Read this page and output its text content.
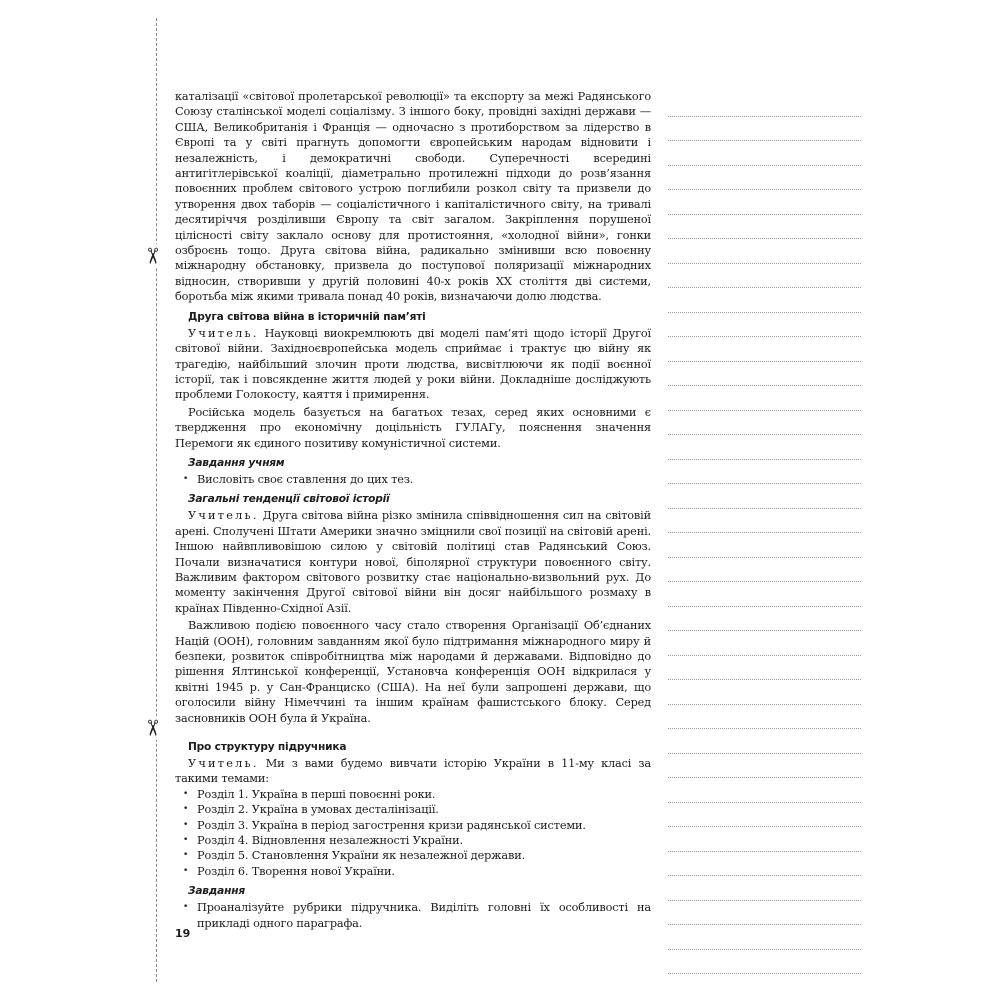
✂
✂

каталізації «світової пролетарської революції» та експорту за межі Радянського Союзу сталінської моделі соціалізму. З іншого боку, провідні західні держави — США, Великобританія і Франція — одночасно з протиборством за лідерство в Європі та у світі прагнуть допомогти європейським народам відновити і незалежність, і демократичні свободи. Суперечності всередині антигітлерівської коаліції, діаметрально протилежні підходи до розв’язання повоєнних проблем світового устрою поглибили розкол світу та призвели до утворення двох таборів — соціалістичного і капіталістичного світу, на тривалі десятиріччя розділивши Європу та світ загалом. Закріплення порушеної цілісності світу заклало основу для протистояння, «холодної війни», гонки озброєнь тощо. Друга світова війна, радикально змінивши всю повоєнну міжнародну обстановку, призвела до поступової поляризації міжнародних відносин, створивши у другій половині 40-х років XX століття дві системи, боротьба між якими тривала понад 40 років, визначаючи долю людства.

Друга світова війна в історичній пам’яті

Учитель. Науковці виокремлюють дві моделі пам’яті щодо історії Другої світової війни. Західноєвропейська модель сприймає і трактує цю війну як трагедію, найбільший злочин проти людства, висвітлюючи як події воєнної історії, так і повсякденне життя людей у роки війни. Докладніше досліджують проблеми Голокосту, каяття і примирення.

Російська модель базується на багатьох тезах, серед яких основними є твердження про економічну доцільність ГУЛАГу, пояснення значення Перемоги як єдиного позитиву комуністичної системи.

Завдання учням
• Висловіть своє ставлення до цих тез.
Загальні тенденції світової історії

Учитель. Друга світова війна різко змінила співвідношення сил на світовій арені. Сполучені Штати Америки значно зміцнили свої позиції на світовій арені. Іншою найвпливовішою силою у світовій політиці став Радянський Союз. Почали визначатися контури нової, біполярної структури повоєнного світу. Важливим фактором світового розвитку стає національно-визвольний рух. До моменту закінчення Другої світової війни він досяг найбільшого розмаху в країнах Південно-Східної Азії.

Важливою подією повоєнного часу стало створення Організації Об’єднаних Націй (ООН), головним завданням якої було підтримання міжнародного миру й безпеки, розвиток співробітництва між народами й державами. Відповідно до рішення Ялтинської конференції, Установча конференція ООН відкрилася у квітні 1945 р. у Сан-Франциско (США). На неї були запрошені держави, що оголосили війну Німеччині та іншим країнам фашистського блоку. Серед засновників ООН була й Україна.

Про структуру підручника

Учитель. Ми з вами будемо вивчати історію України в 11-му класі за такими темами:

• Розділ 1. Україна в перші повоєнні роки.
• Розділ 2. Україна в умовах десталінізації.
• Розділ 3. Україна в період загострення кризи радянської системи.
• Розділ 4. Відновлення незалежності України.
• Розділ 5. Становлення України як незалежної держави.
• Розділ 6. Творення нової України.
Завдання
• Проаналізуйте рубрики підручника. Виділіть головні їх особливості на прикладі одного параграфа.
19
